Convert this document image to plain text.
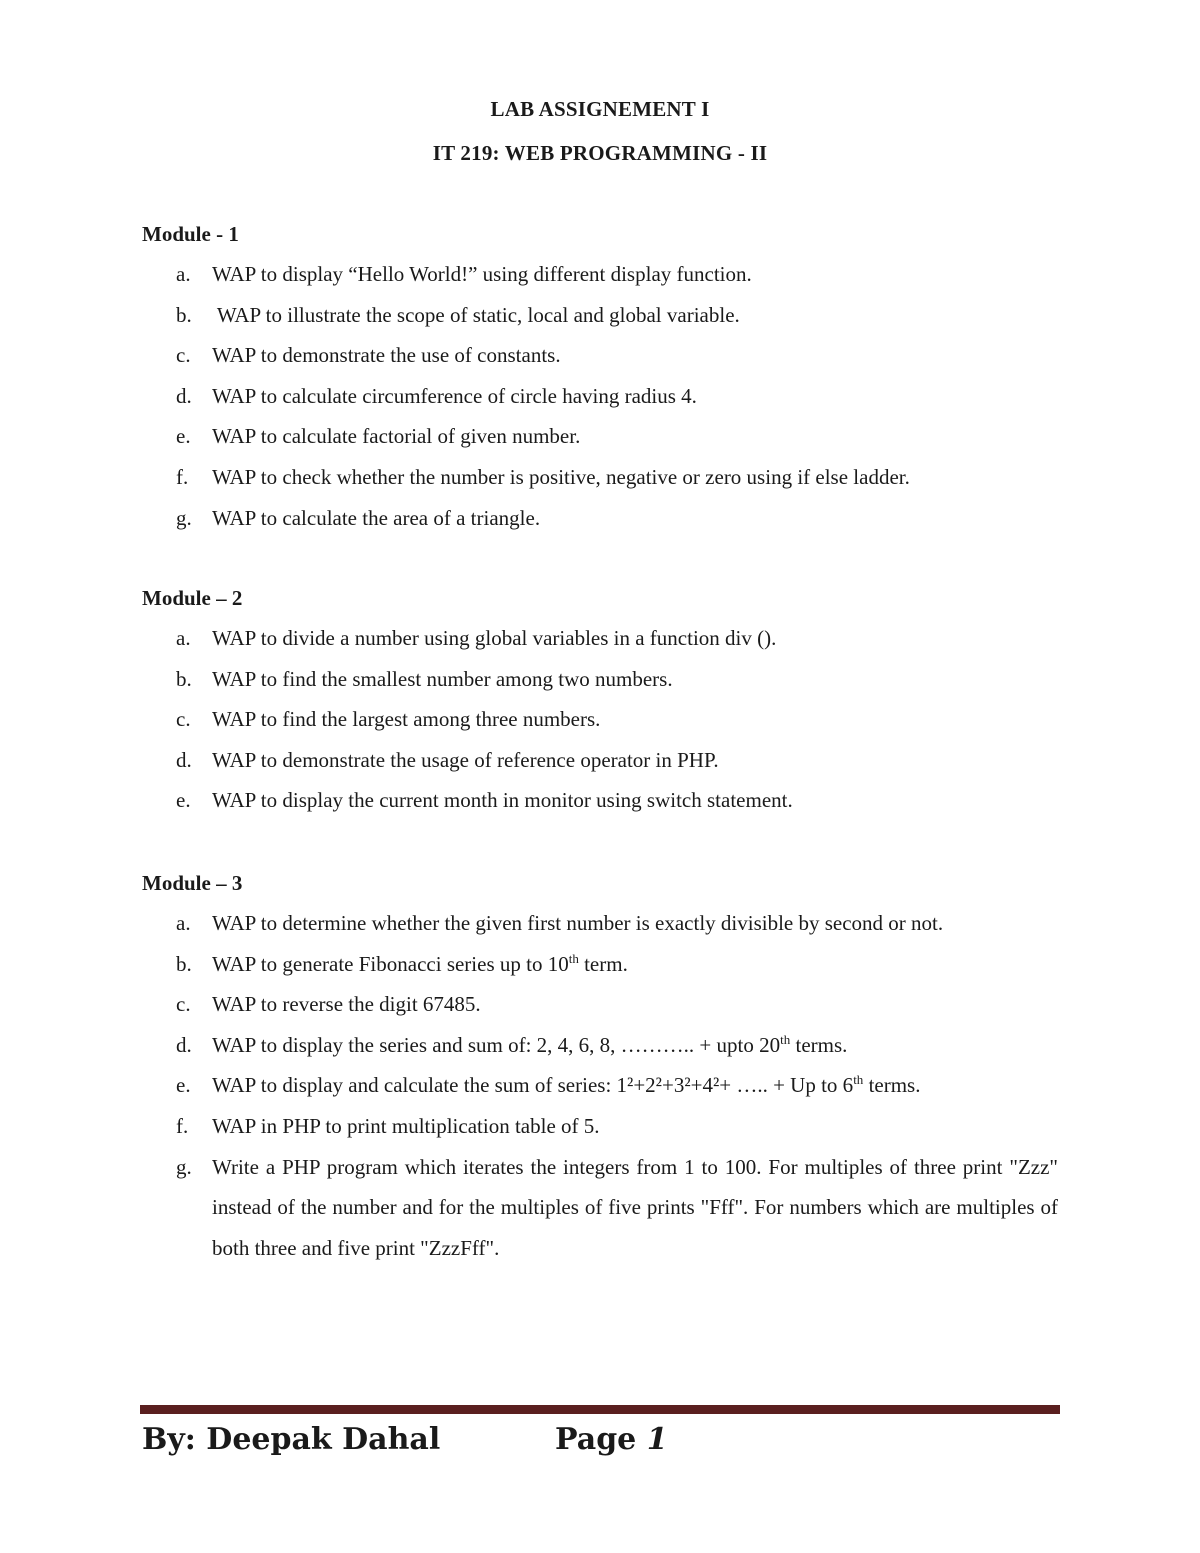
LAB ASSIGNEMENT I
IT 219: WEB PROGRAMMING - II
Module - 1
a. WAP to display “Hello World!” using different display function.
b. WAP to illustrate the scope of static, local and global variable.
c. WAP to demonstrate the use of constants.
d. WAP to calculate circumference of circle having radius 4.
e. WAP to calculate factorial of given number.
f. WAP to check whether the number is positive, negative or zero using if else ladder.
g. WAP to calculate the area of a triangle.
Module – 2
a. WAP to divide a number using global variables in a function div ().
b. WAP to find the smallest number among two numbers.
c. WAP to find the largest among three numbers.
d. WAP to demonstrate the usage of reference operator in PHP.
e. WAP to display the current month in monitor using switch statement.
Module – 3
a. WAP to determine whether the given first number is exactly divisible by second or not.
b. WAP to generate Fibonacci series up to 10th term.
c. WAP to reverse the digit 67485.
d. WAP to display the series and sum of: 2, 4, 6, 8, ……….. + upto 20th terms.
e. WAP to display and calculate the sum of series: 1²+2²+3²+4²+ ….. + Up to 6th terms.
f. WAP in PHP to print multiplication table of 5.
g. Write a PHP program which iterates the integers from 1 to 100. For multiples of three print "Zzz" instead of the number and for the multiples of five prints "Fff". For numbers which are multiples of both three and five print "ZzzFff".
By: Deepak Dahal	Page 1
